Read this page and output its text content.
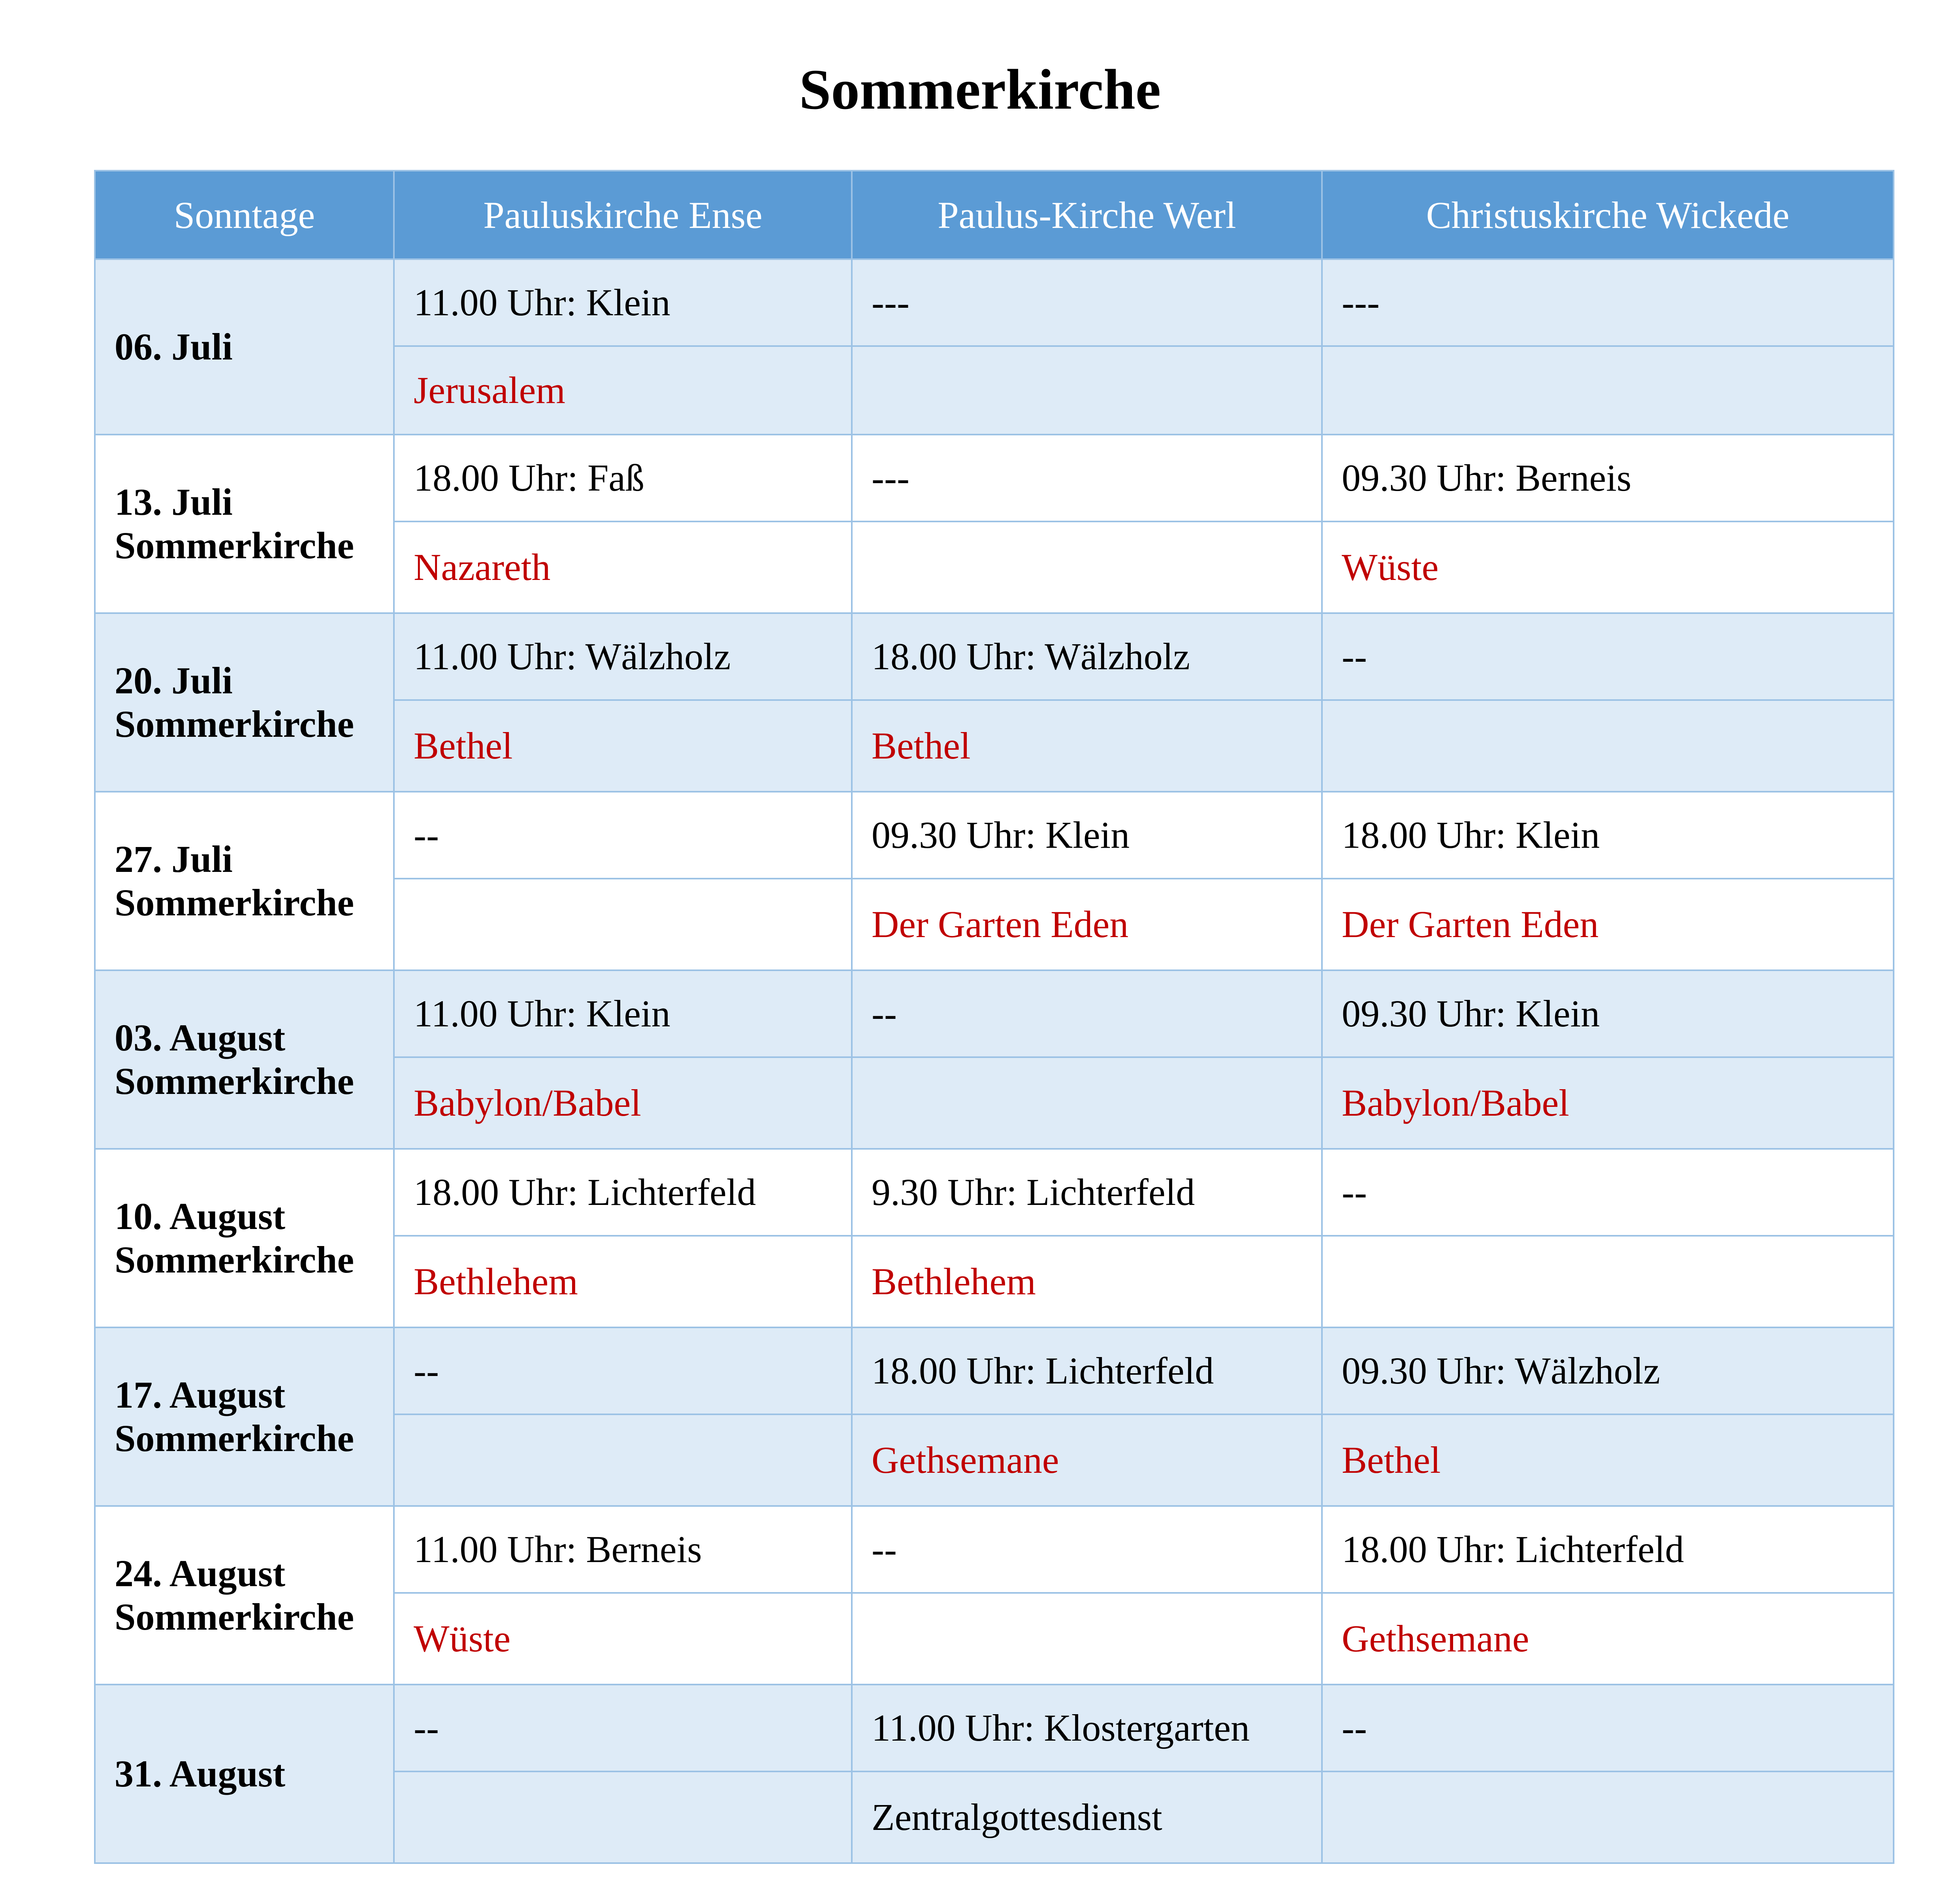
Sommerkirche
Sonntage	Pauluskirche Ense	Paulus-Kirche Werl	Christuskirche Wickede

06. Juli	11.00 Uhr: Klein	---	---
	Jerusalem		

13. Juli
Sommerkirche	18.00 Uhr: Faß	---	09.30 Uhr: Berneis
	Nazareth		Wüste

20. Juli
Sommerkirche	11.00 Uhr: Wälzholz	18.00 Uhr: Wälzholz	--
	Bethel	Bethel	

27. Juli
Sommerkirche	--	09.30 Uhr: Klein	18.00 Uhr: Klein
		Der Garten Eden	Der Garten Eden

03. August
Sommerkirche	11.00 Uhr: Klein	--	09.30 Uhr: Klein
	Babylon/Babel		Babylon/Babel

10. August
Sommerkirche	18.00 Uhr: Lichterfeld	9.30 Uhr: Lichterfeld	--
	Bethlehem	Bethlehem	

17. August
Sommerkirche	--	18.00 Uhr: Lichterfeld	09.30 Uhr: Wälzholz
		Gethsemane	Bethel

24. August
Sommerkirche	11.00 Uhr: Berneis	--	18.00 Uhr: Lichterfeld
	Wüste		Gethsemane

31. August	--	11.00 Uhr: Klostergarten	--
		Zentralgottesdienst	
